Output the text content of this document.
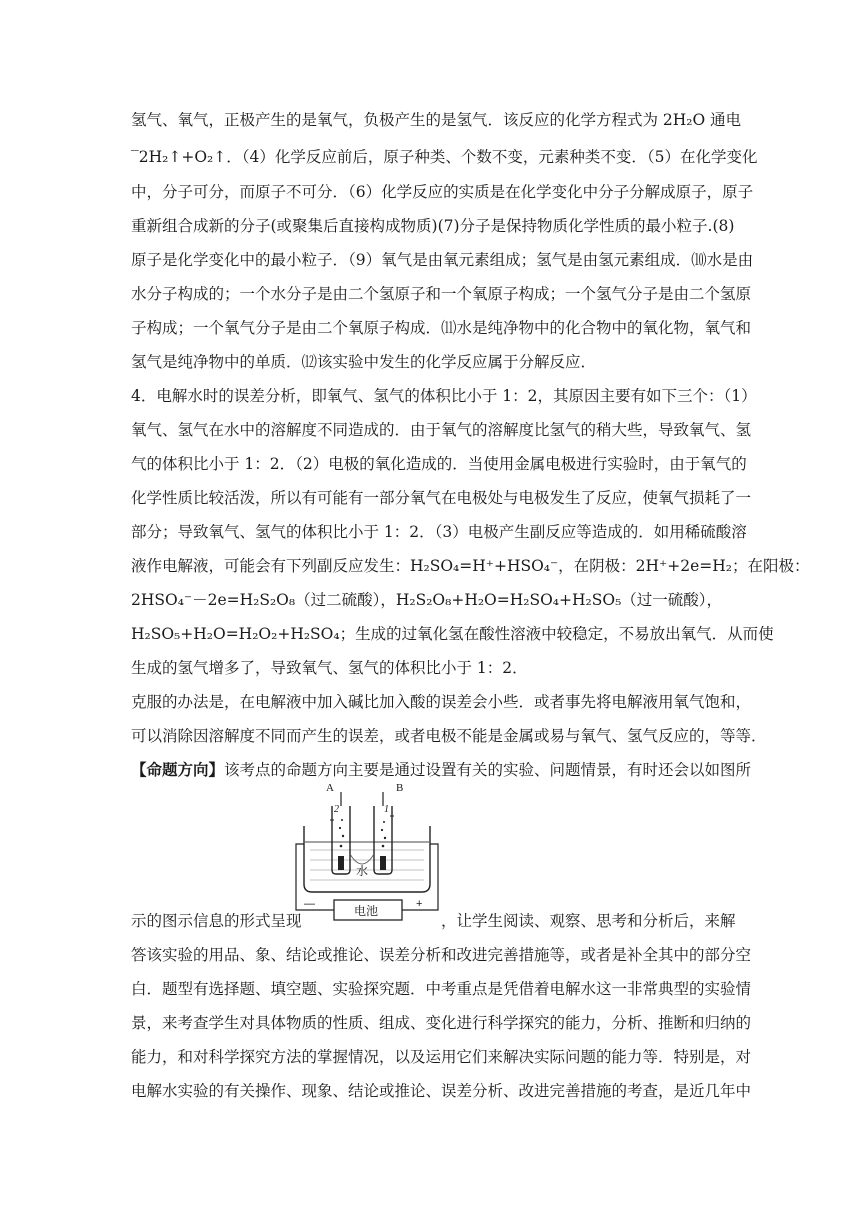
氢气、氧气，正极产生的是氧气，负极产生的是氢气．该反应的化学方程式为 2H₂O 通电
‾2H₂↑+O₂↑．（4）化学反应前后，原子种类、个数不变，元素种类不变．（5）在化学变化
中，分子可分，而原子不可分．（6）化学反应的实质是在化学变化中分子分解成原子，原子
重新组合成新的分子(或聚集后直接构成物质)(7)分子是保持物质化学性质的最小粒子.(8)
原子是化学变化中的最小粒子．（9）氧气是由氧元素组成；氢气是由氢元素组成．⑽水是由
水分子构成的；一个水分子是由二个氢原子和一个氧原子构成；一个氢气分子是由二个氢原
子构成；一个氧气分子是由二个氧原子构成．⑾水是纯净物中的化合物中的氧化物，氧气和
氢气是纯净物中的单质．⑿该实验中发生的化学反应属于分解反应．
4．电解水时的误差分析，即氧气、氢气的体积比小于 1：2，其原因主要有如下三个：（1）
氧气、氢气在水中的溶解度不同造成的．由于氧气的溶解度比氢气的稍大些，导致氧气、氢
气的体积比小于 1：2．（2）电极的氧化造成的．当使用金属电极进行实验时，由于氧气的
化学性质比较活泼，所以有可能有一部分氧气在电极处与电极发生了反应，使氧气损耗了一
部分；导致氧气、氢气的体积比小于 1：2．（3）电极产生副反应等造成的．如用稀硫酸溶
液作电解液，可能会有下列副反应发生：H₂SO₄=H⁺+HSO₄⁻，在阴极：2H⁺+2e=H₂；在阳极：
2HSO₄⁻－2e=H₂S₂O₈（过二硫酸），H₂S₂O₈+H₂O=H₂SO₄+H₂SO₅（过一硫酸），
H₂SO₅+H₂O=H₂O₂+H₂SO₄；生成的过氧化氢在酸性溶液中较稳定，不易放出氧气．从而使
生成的氢气增多了，导致氧气、氢气的体积比小于 1：2．
克服的办法是，在电解液中加入碱比加入酸的误差会小些．或者事先将电解液用氧气饱和，
可以消除因溶解度不同而产生的误差，或者电极不能是金属或易与氧气、氢气反应的，等等．
【命题方向】该考点的命题方向主要是通过设置有关的实验、问题情景，有时还会以如图所
示的图示信息的形式呈现
A	B
2	1
水
电池
—	+
，让学生阅读、观察、思考和分析后，来解
答该实验的用品、象、结论或推论、误差分析和改进完善措施等，或者是补全其中的部分空
白．题型有选择题、填空题、实验探究题．中考重点是凭借着电解水这一非常典型的实验情
景，来考查学生对具体物质的性质、组成、变化进行科学探究的能力，分析、推断和归纳的
能力，和对科学探究方法的掌握情况，以及运用它们来解决实际问题的能力等．特别是，对
电解水实验的有关操作、现象、结论或推论、误差分析、改进完善措施的考查，是近几年中
